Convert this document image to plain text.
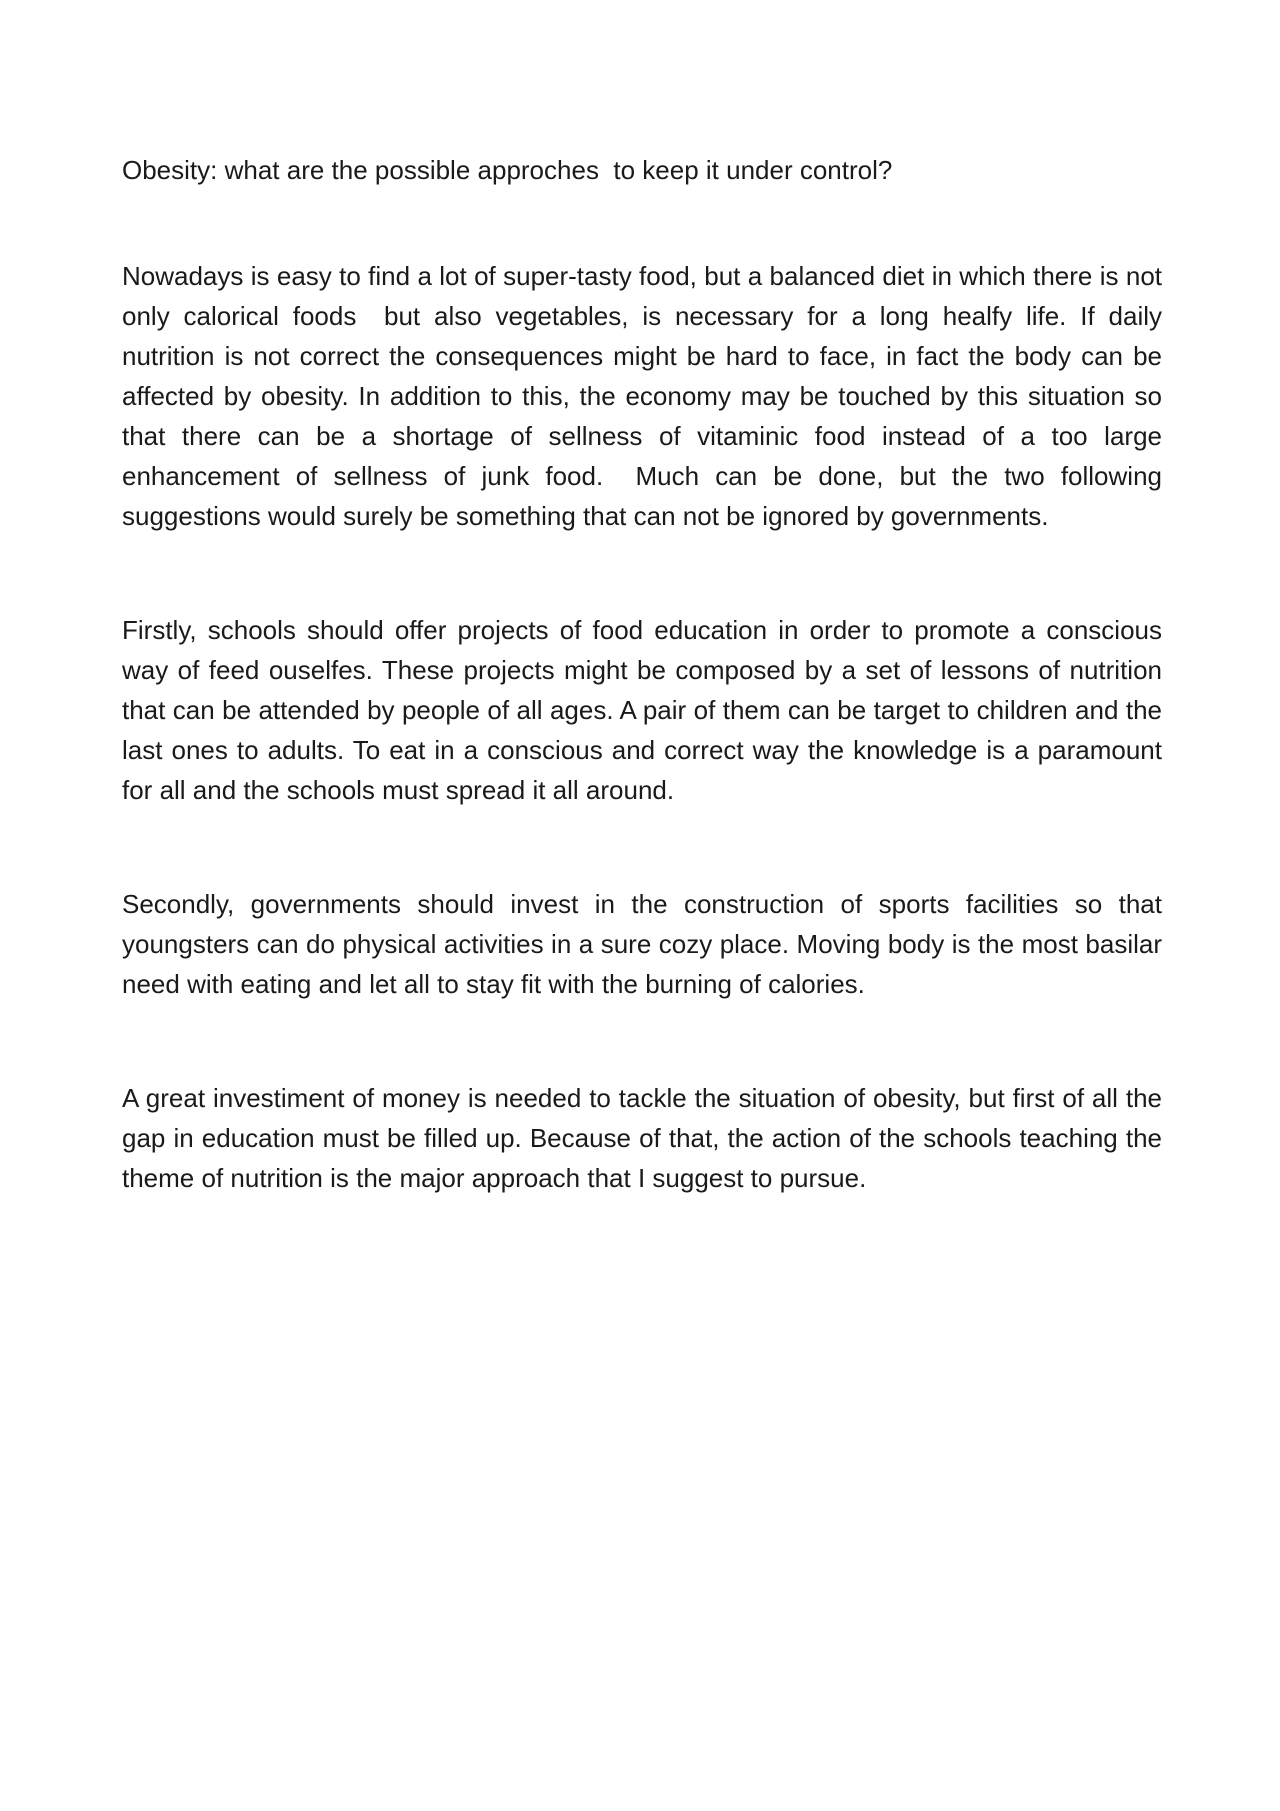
Obesity: what are the possible approches  to keep it under control?

Nowadays is easy to find a lot of super-tasty food, but a balanced diet in which there is not only calorical foods  but also vegetables, is necessary for a long healfy life. If daily nutrition is not correct the consequences might be hard to face, in fact the body can be affected by obesity. In addition to this, the economy may be touched by this situation so that there can be a shortage of sellness of vitaminic food instead of a too large enhancement of sellness of junk food.  Much can be done, but the two following suggestions would surely be something that can not be ignored by governments.

Firstly, schools should offer projects of food education in order to promote a conscious way of feed ouselfes. These projects might be composed by a set of lessons of nutrition that can be attended by people of all ages. A pair of them can be target to children and the last ones to adults. To eat in a conscious and correct way the knowledge is a paramount for all and the schools must spread it all around.

Secondly, governments should invest in the construction of sports facilities so that youngsters can do physical activities in a sure cozy place. Moving body is the most basilar need with eating and let all to stay fit with the burning of calories.

A great investiment of money is needed to tackle the situation of obesity, but first of all the gap in education must be filled up. Because of that, the action of the schools teaching the theme of nutrition is the major approach that I suggest to pursue.
